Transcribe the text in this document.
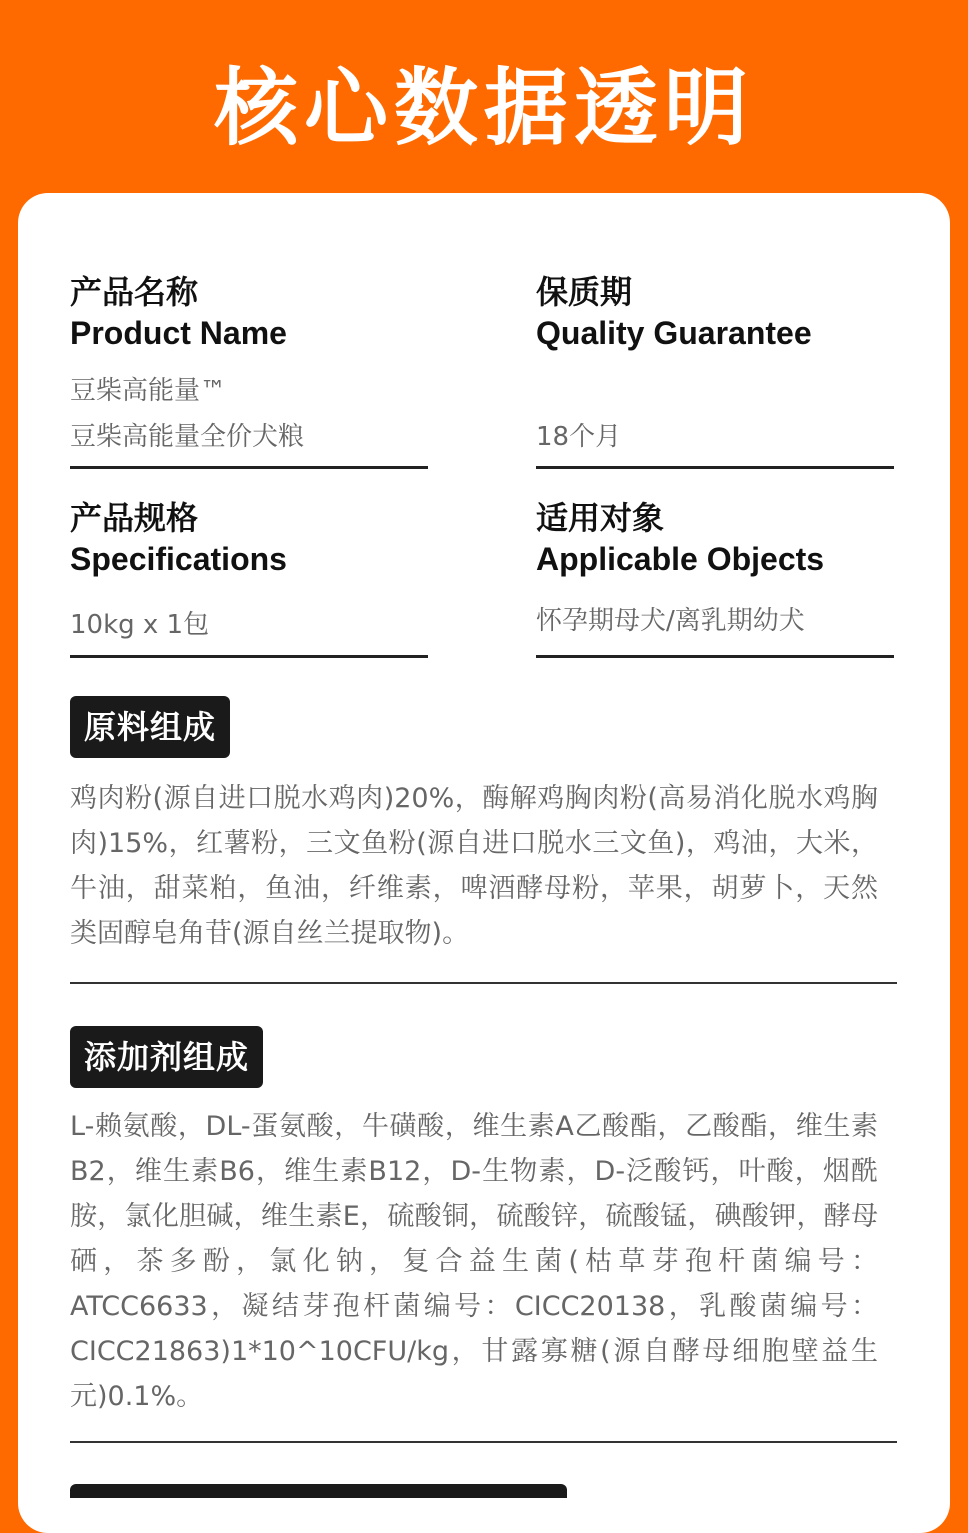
核心数据透明
产品名称
Product Name
豆柴高能量™
豆柴高能量全价犬粮
保质期
Quality Guarantee
18个月
产品规格
Specifications
10kg x 1包
适用对象
Applicable Objects
怀孕期母犬/离乳期幼犬
原料组成
鸡肉粉(源自进口脱水鸡肉)20%，酶解鸡胸肉粉(高易消化脱水鸡胸肉)15%，红薯粉，三文鱼粉(源自进口脱水三文鱼)，鸡油，大米，牛油，甜菜粕，鱼油，纤维素，啤酒酵母粉，苹果，胡萝卜，天然类固醇皂角苷(源自丝兰提取物)。
添加剂组成
L-赖氨酸，DL-蛋氨酸，牛磺酸，维生素A乙酸酯，乙酸酯，维生素B2，维生素B6，维生素B12，D-生物素，D-泛酸钙，叶酸，烟酰胺，氯化胆碱，维生素E，硫酸铜，硫酸锌，硫酸锰，碘酸钾，酵母硒，茶多酚，氯化钠，复合益生菌(枯草芽孢杆菌编号：ATCC6633，凝结芽孢杆菌编号：CICC20138，乳酸菌编号：CICC21863)1*10^10CFU/kg，甘露寡糖(源自酵母细胞壁益生元)0.1%。
